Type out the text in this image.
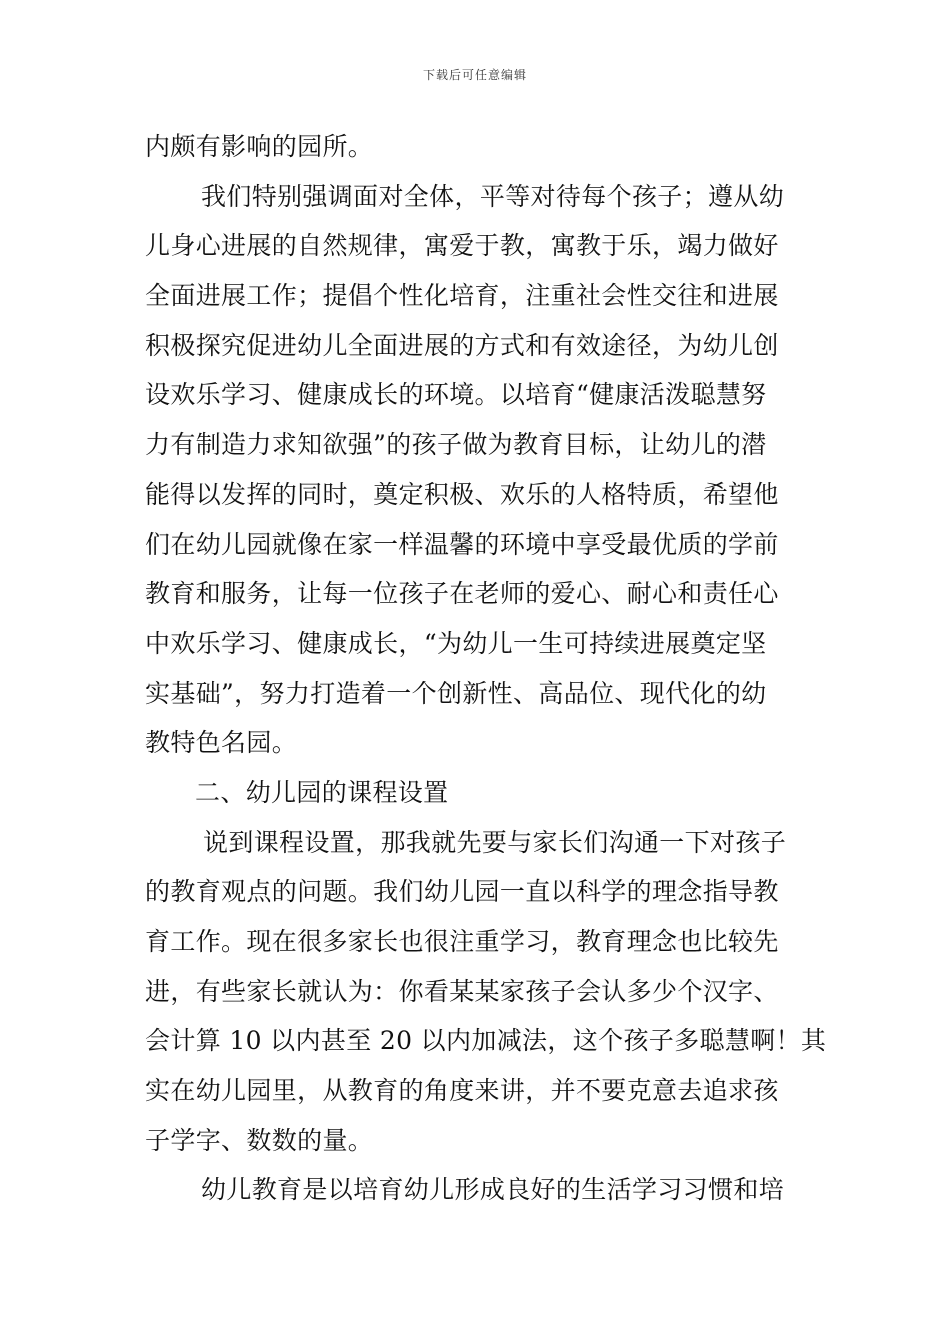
下载后可任意编辑
内颇有影响的园所。
我们特别强调面对全体，平等对待每个孩子；遵从幼
儿身心进展的自然规律，寓爱于教，寓教于乐，竭力做好
全面进展工作；提倡个性化培育，注重社会性交往和进展
积极探究促进幼儿全面进展的方式和有效途径，为幼儿创
设欢乐学习、健康成长的环境。以培育“健康活泼聪慧努
力有制造力求知欲强”的孩子做为教育目标，让幼儿的潜
能得以发挥的同时，奠定积极、欢乐的人格特质，希望他
们在幼儿园就像在家一样温馨的环境中享受最优质的学前
教育和服务，让每一位孩子在老师的爱心、耐心和责任心
中欢乐学习、健康成长，“为幼儿一生可持续进展奠定坚
实基础”，努力打造着一个创新性、高品位、现代化的幼
教特色名园。
二、幼儿园的课程设置
说到课程设置，那我就先要与家长们沟通一下对孩子
的教育观点的问题。我们幼儿园一直以科学的理念指导教
育工作。现在很多家长也很注重学习，教育理念也比较先
进，有些家长就认为：你看某某家孩子会认多少个汉字、
会计算 10 以内甚至 20 以内加减法，这个孩子多聪慧啊！其
实在幼儿园里，从教育的角度来讲，并不要克意去追求孩
子学字、数数的量。
幼儿教育是以培育幼儿形成良好的生活学习习惯和培
